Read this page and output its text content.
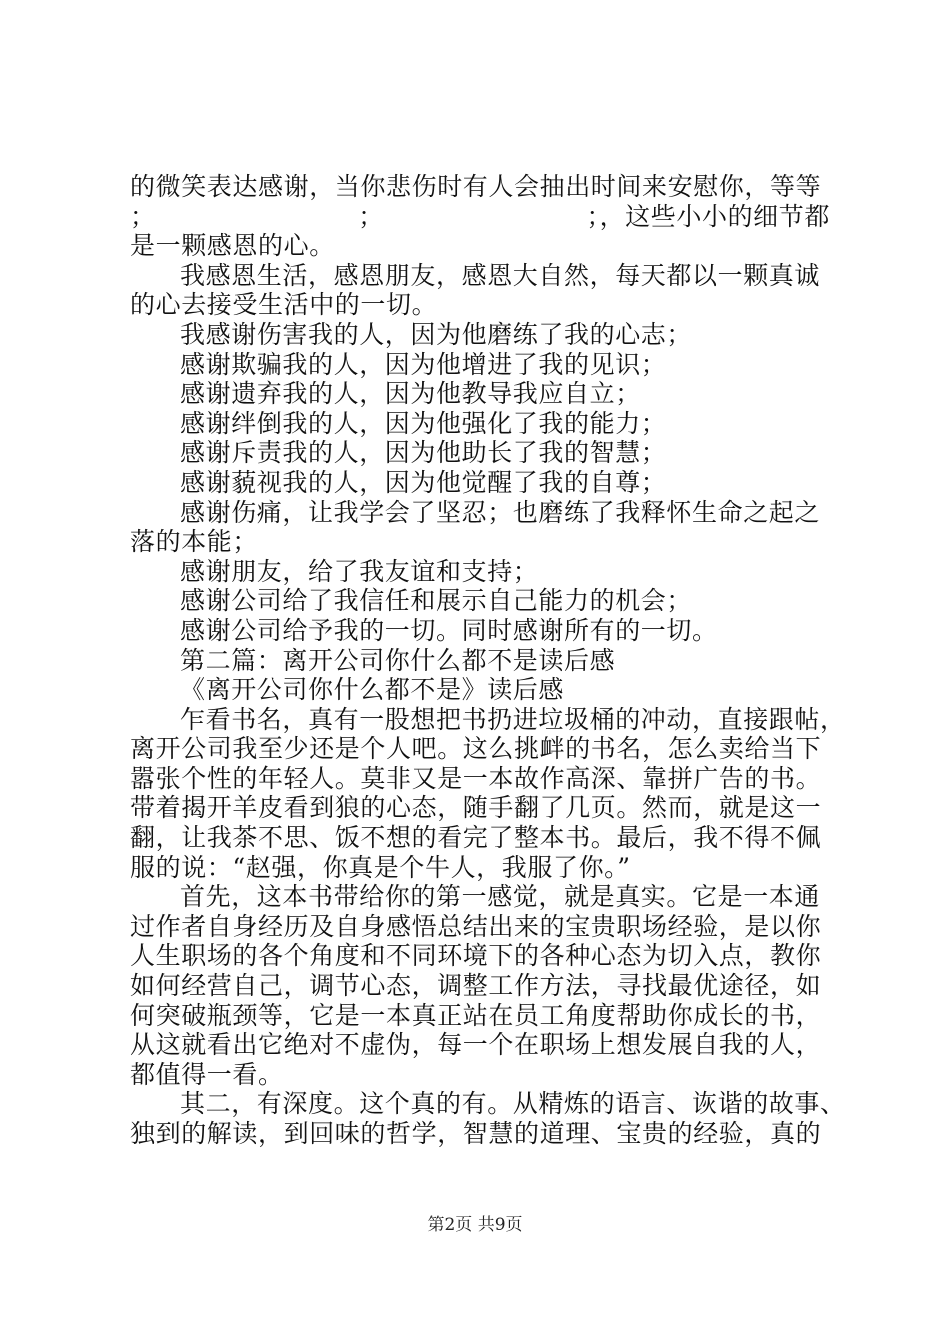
的微笑表达感谢，当你悲伤时有人会抽出时间来安慰你，等等
；	；	；，这些小小的细节都
是一颗感恩的心。
我感恩生活，感恩朋友，感恩大自然，每天都以一颗真诚
的心去接受生活中的一切。
我感谢伤害我的人，因为他磨练了我的心志；
感谢欺骗我的人，因为他增进了我的见识；
感谢遗弃我的人，因为他教导我应自立；
感谢绊倒我的人，因为他强化了我的能力；
感谢斥责我的人，因为他助长了我的智慧；
感谢藐视我的人，因为他觉醒了我的自尊；
感谢伤痛，让我学会了坚忍；也磨练了我释怀生命之起之
落的本能；
感谢朋友，给了我友谊和支持；
感谢公司给了我信任和展示自己能力的机会；
感谢公司给予我的一切。同时感谢所有的一切。
第二篇：离开公司你什么都不是读后感
《离开公司你什么都不是》读后感
乍看书名，真有一股想把书扔进垃圾桶的冲动，直接跟帖，
离开公司我至少还是个人吧。这么挑衅的书名，怎么卖给当下
嚣张个性的年轻人。莫非又是一本故作高深、靠拼广告的书。
带着揭开羊皮看到狼的心态，随手翻了几页。然而，就是这一
翻，让我茶不思、饭不想的看完了整本书。最后，我不得不佩
服的说：“赵强，你真是个牛人，我服了你。”
首先，这本书带给你的第一感觉，就是真实。它是一本通
过作者自身经历及自身感悟总结出来的宝贵职场经验，是以你
人生职场的各个角度和不同环境下的各种心态为切入点，教你
如何经营自己，调节心态，调整工作方法，寻找最优途径，如
何突破瓶颈等，它是一本真正站在员工角度帮助你成长的书，
从这就看出它绝对不虚伪，每一个在职场上想发展自我的人，
都值得一看。
其二，有深度。这个真的有。从精炼的语言、诙谐的故事、
独到的解读，到回味的哲学，智慧的道理、宝贵的经验，真的
第2页 共9页
